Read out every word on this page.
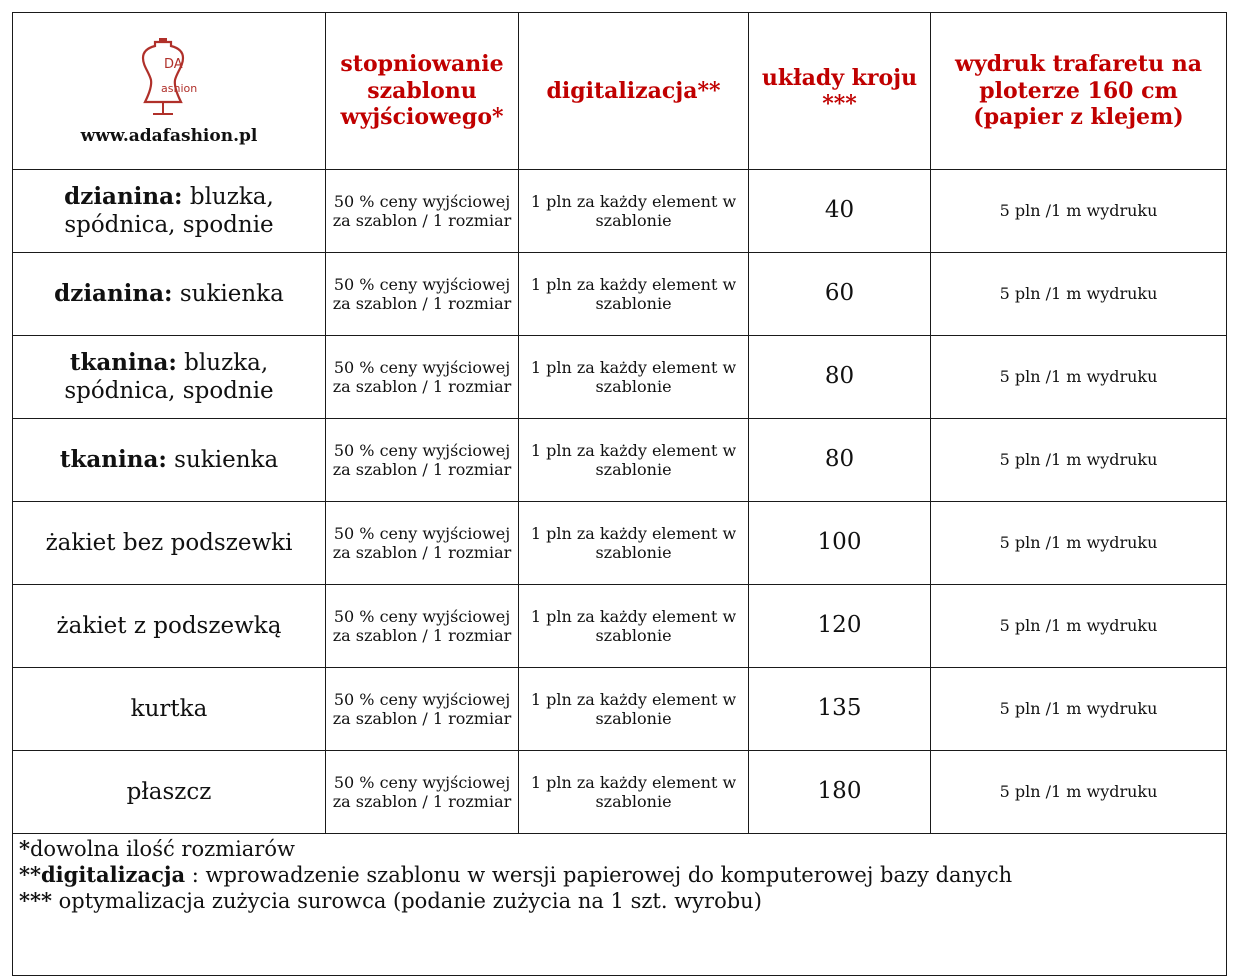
DA
ashion
www.adafashion.pl	stopniowanie szablonu wyjściowego*	digitalizacja**	układy kroju ***	wydruk trafaretu na ploterze 160 cm (papier z klejem)
dzianina: bluzka, spódnica, spodnie	50 % ceny wyjściowej za szablon / 1 rozmiar	1 pln za każdy element w szablonie	40	5 pln /1 m wydruku
dzianina: sukienka	50 % ceny wyjściowej za szablon / 1 rozmiar	1 pln za każdy element w szablonie	60	5 pln /1 m wydruku
tkanina: bluzka, spódnica, spodnie	50 % ceny wyjściowej za szablon / 1 rozmiar	1 pln za każdy element w szablonie	80	5 pln /1 m wydruku
tkanina: sukienka	50 % ceny wyjściowej za szablon / 1 rozmiar	1 pln za każdy element w szablonie	80	5 pln /1 m wydruku
żakiet bez podszewki	50 % ceny wyjściowej za szablon / 1 rozmiar	1 pln za każdy element w szablonie	100	5 pln /1 m wydruku
żakiet z podszewką	50 % ceny wyjściowej za szablon / 1 rozmiar	1 pln za każdy element w szablonie	120	5 pln /1 m wydruku
kurtka	50 % ceny wyjściowej za szablon / 1 rozmiar	1 pln za każdy element w szablonie	135	5 pln /1 m wydruku
płaszcz	50 % ceny wyjściowej za szablon / 1 rozmiar	1 pln za każdy element w szablonie	180	5 pln /1 m wydruku

*dowolna ilość rozmiarów
**digitalizacja : wprowadzenie szablonu w wersji papierowej do komputerowej bazy danych
*** optymalizacja zużycia surowca (podanie zużycia na 1 szt. wyrobu)				
